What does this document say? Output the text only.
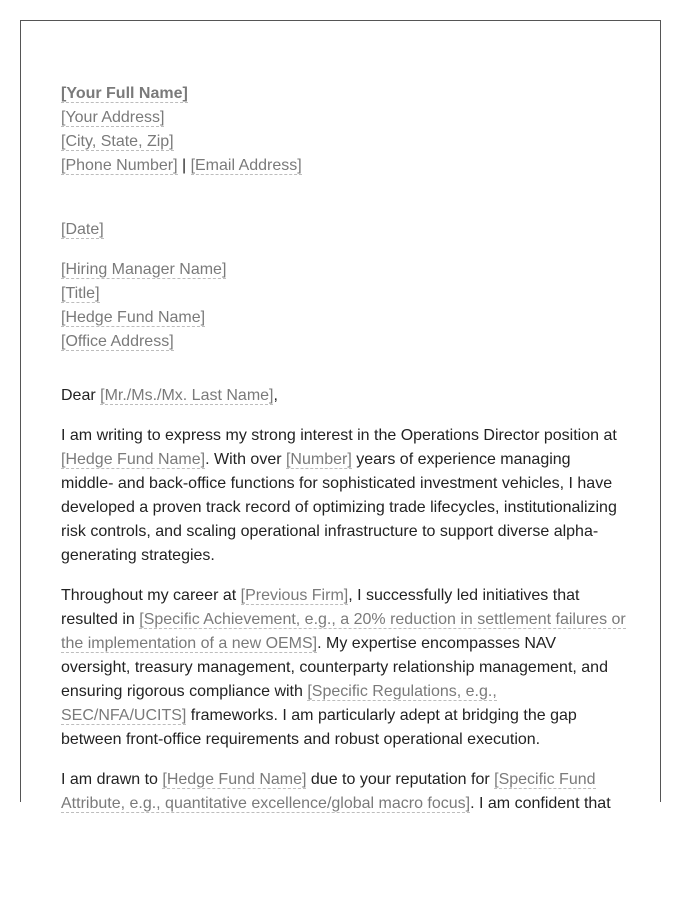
[Your Full Name]
[Your Address]
[City, State, Zip]
[Phone Number] | [Email Address]
[Date]
[Hiring Manager Name]
[Title]
[Hedge Fund Name]
[Office Address]

Dear [Mr./Ms./Mx. Last Name],

I am writing to express my strong interest in the Operations Director position at [Hedge Fund Name]. With over [Number] years of experience managing middle- and back-office functions for sophisticated investment vehicles, I have developed a proven track record of optimizing trade lifecycles, institutionalizing risk controls, and scaling operational infrastructure to support diverse alpha-generating strategies.

Throughout my career at [Previous Firm], I successfully led initiatives that resulted in [Specific Achievement, e.g., a 20% reduction in settlement failures or the implementation of a new OEMS]. My expertise encompasses NAV oversight, treasury management, counterparty relationship management, and ensuring rigorous compliance with [Specific Regulations, e.g., SEC/NFA/UCITS] frameworks. I am particularly adept at bridging the gap between front-office requirements and robust operational execution.

I am drawn to [Hedge Fund Name] due to your reputation for [Specific Fund Attribute, e.g., quantitative excellence/global macro focus]. I am confident that
